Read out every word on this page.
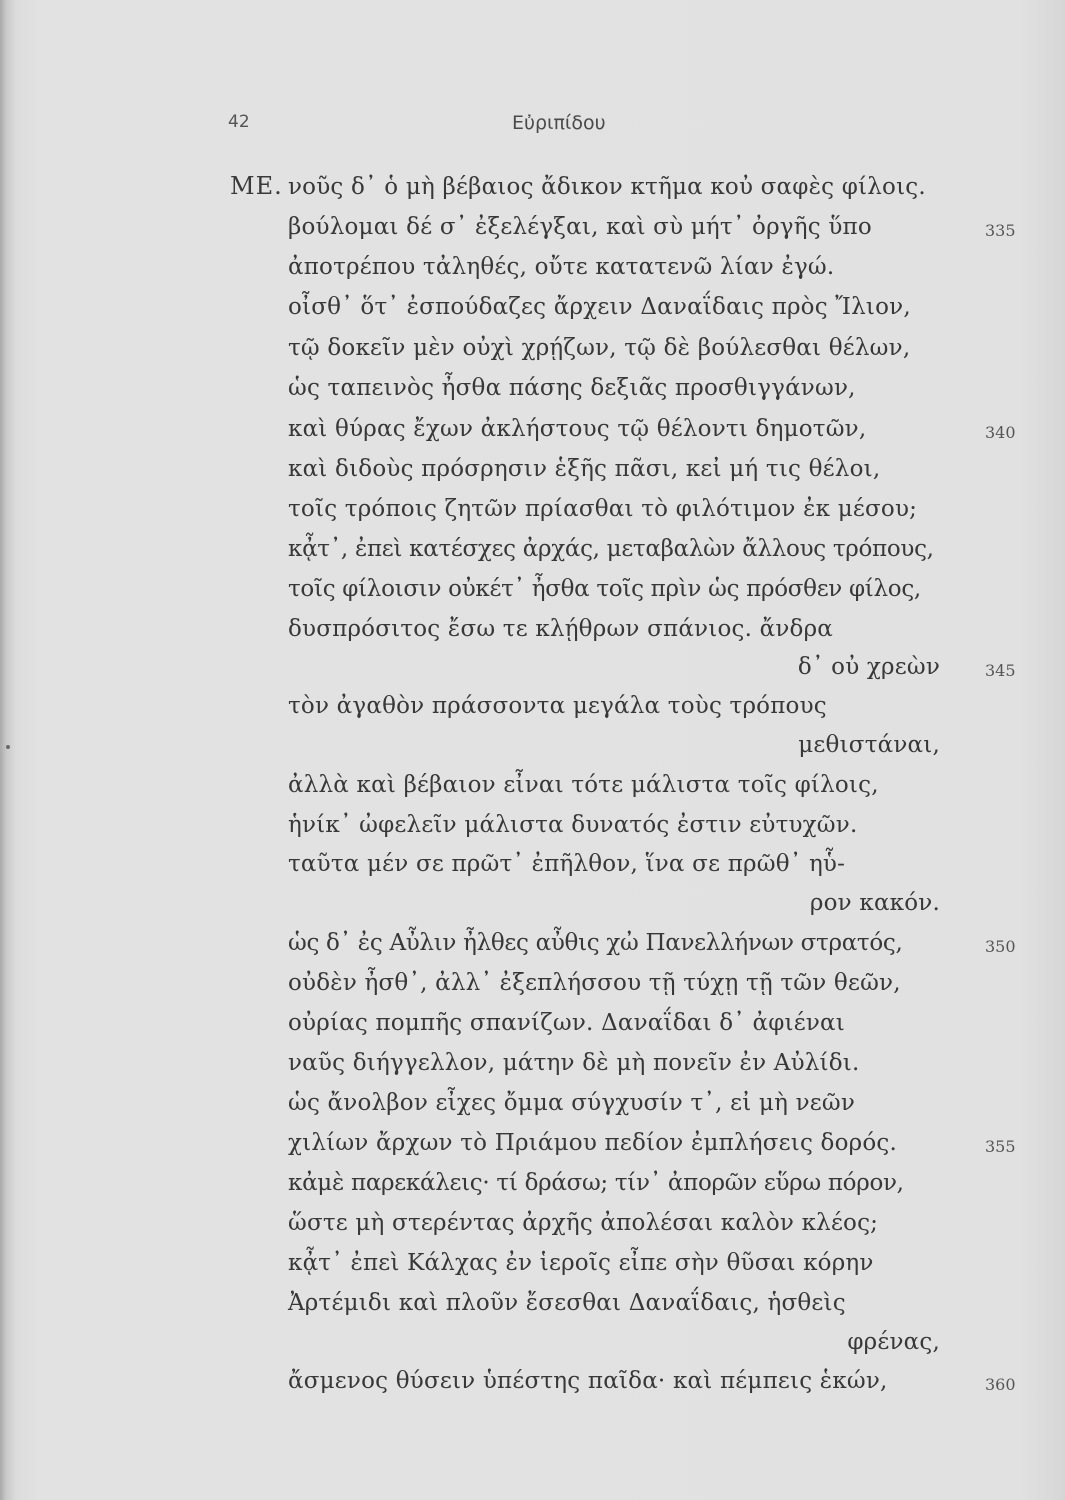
42	Εὐριπίδου
ΜΕ. νοῦς δ᾽ ὁ μὴ βέβαιος ἄδικον κτῆμα κοὐ σαφὲς φίλοις.
βούλομαι δέ σ᾽ ἐξελέγξαι, καὶ σὺ μήτ᾽ ὀργῆς ὕπο
ἀποτρέπου τἀληθές, οὔτε κατατενῶ λίαν ἐγώ.
οἶσθ᾽ ὅτ᾽ ἐσπούδαζες ἄρχειν Δαναΐδαις πρὸς Ἴλιον,
τῷ δοκεῖν μὲν οὐχὶ χρῄζων, τῷ δὲ βούλεσθαι θέλων,
ὡς ταπεινὸς ἦσθα πάσης δεξιᾶς προσθιγγάνων,
καὶ θύρας ἔχων ἀκλήστους τῷ θέλοντι δημοτῶν,
καὶ διδοὺς πρόσρησιν ἑξῆς πᾶσι, κεἰ μή τις θέλοι,
τοῖς τρόποις ζητῶν πρίασθαι τὸ φιλότιμον ἐκ μέσου;
κᾆτ᾽, ἐπεὶ κατέσχες ἀρχάς, μεταβαλὼν ἄλλους τρόπους,
τοῖς φίλοισιν οὐκέτ᾽ ἦσθα τοῖς πρὶν ὡς πρόσθεν φίλος,
δυσπρόσιτος ἔσω τε κλῄθρων σπάνιος. ἄνδρα
δ᾽ οὐ χρεὼν
τὸν ἀγαθὸν πράσσοντα μεγάλα τοὺς τρόπους
μεθιστάναι,
ἀλλὰ καὶ βέβαιον εἶναι τότε μάλιστα τοῖς φίλοις,
ἡνίκ᾽ ὠφελεῖν μάλιστα δυνατός ἐστιν εὐτυχῶν.
ταῦτα μέν σε πρῶτ᾽ ἐπῆλθον, ἵνα σε πρῶθ᾽ ηὗ-
ρον κακόν.
ὡς δ᾽ ἐς Αὖλιν ἦλθες αὖθις χὠ Πανελλήνων στρατός,
οὐδὲν ἦσθ᾽, ἀλλ᾽ ἐξεπλήσσου τῇ τύχῃ τῇ τῶν θεῶν,
οὐρίας πομπῆς σπανίζων. Δαναΐδαι δ᾽ ἀφιέναι
ναῦς διήγγελλον, μάτην δὲ μὴ πονεῖν ἐν Αὐλίδι.
ὡς ἄνολβον εἶχες ὄμμα σύγχυσίν τ᾽, εἰ μὴ νεῶν
χιλίων ἄρχων τὸ Πριάμου πεδίον ἐμπλήσεις δορός.
κἀμὲ παρεκάλεις· τί δράσω; τίν᾽ ἀπορῶν εὕρω πόρον,
ὥστε μὴ στερέντας ἀρχῆς ἀπολέσαι καλὸν κλέος;
κᾆτ᾽ ἐπεὶ Κάλχας ἐν ἱεροῖς εἶπε σὴν θῦσαι κόρην
Ἀρτέμιδι καὶ πλοῦν ἔσεσθαι Δαναΐδαις, ἡσθεὶς
φρένας,
ἄσμενος θύσειν ὑπέστης παῖδα· καὶ πέμπεις ἑκών,
335
340
345
350
355
360
